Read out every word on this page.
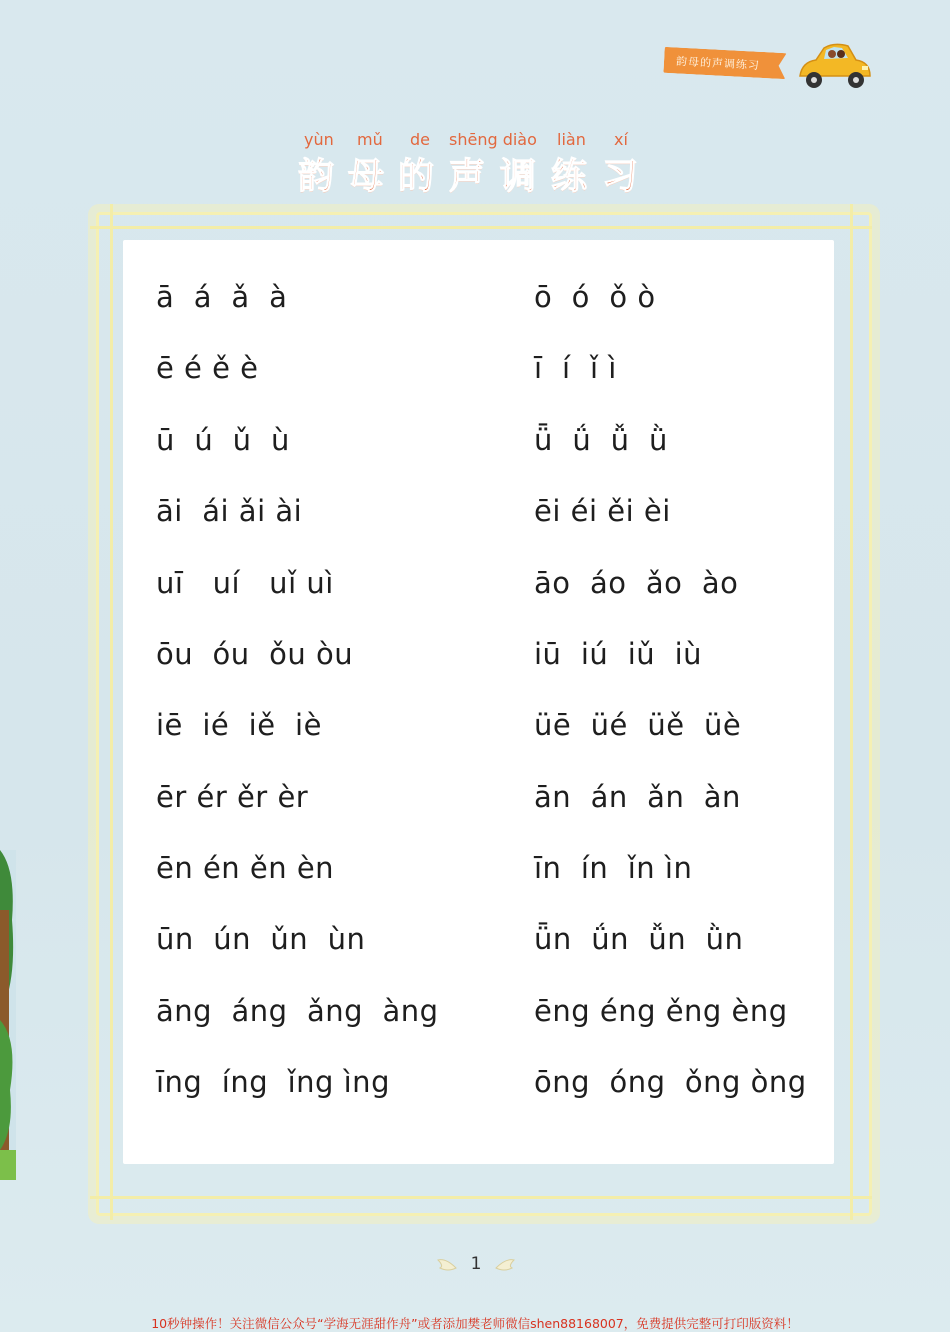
韵母的声调练习
yùn mǔ de shēng diào liàn xí
韵 母 的 声 调 练 习
ā  á  ǎ  à	ō  ó  ǒ ò
ē é ě è	ī  í  ǐ ì
ū  ú  ǔ  ù	ǖ  ǘ  ǚ  ǜ
āi  ái ǎi ài	ēi éi ěi èi
uī   uí   uǐ uì	āo  áo  ǎo  ào
ōu  óu  ǒu òu	iū  iú  iǔ  iù
iē  ié  iě  iè	üē  üé  üě  üè
ēr ér ěr èr	ān  án  ǎn  àn
ēn én ěn èn	īn  ín  ǐn ìn
ūn  ún  ǔn  ùn	ǖn  ǘn  ǚn  ǜn
āng  áng  ǎng  àng	ēng éng ěng èng
īng  íng  ǐng ìng	ōng  óng  ǒng òng
1
10秒钟操作！关注微信公众号“学海无涯甜作舟”或者添加樊老师微信shen88168007，免费提供完整可打印版资料！
